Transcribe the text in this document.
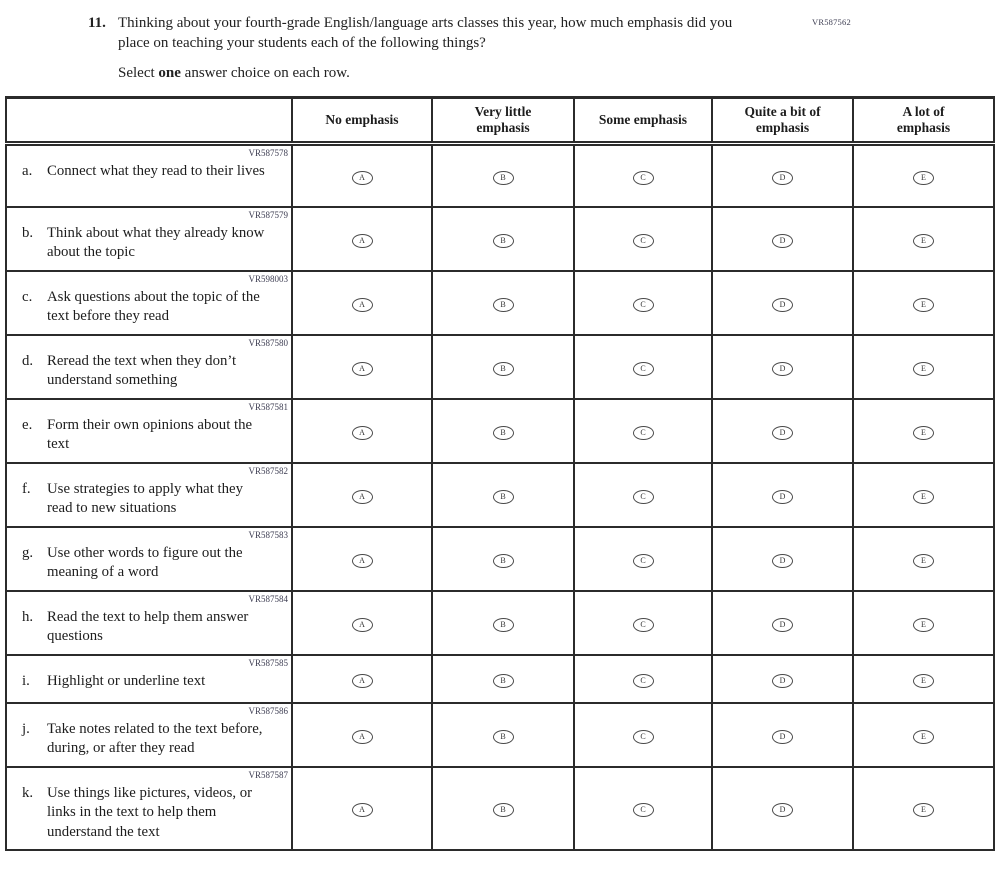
VR587562
11. Thinking about your fourth-grade English/language arts classes this year, how much emphasis did you place on teaching your students each of the following things?
Select one answer choice on each row.
	No emphasis	Very little emphasis	Some emphasis	Quite a bit of emphasis	A lot of emphasis

VR587578
a. Connect what they read to their lives	A	B	C	D	E

VR587579
b. Think about what they already know about the topic	A	B	C	D	E

VR598003
c. Ask questions about the topic of the text before they read	A	B	C	D	E

VR587580
d. Reread the text when they don’t understand something	A	B	C	D	E

VR587581
e. Form their own opinions about the text	A	B	C	D	E

VR587582
f. Use strategies to apply what they read to new situations	A	B	C	D	E

VR587583
g. Use other words to figure out the meaning of a word	A	B	C	D	E

VR587584
h. Read the text to help them answer questions	A	B	C	D	E

VR587585
i. Highlight or underline text	A	B	C	D	E

VR587586
j. Take notes related to the text before, during, or after they read	A	B	C	D	E

VR587587
k. Use things like pictures, videos, or links in the text to help them understand the text	A	B	C	D	E
